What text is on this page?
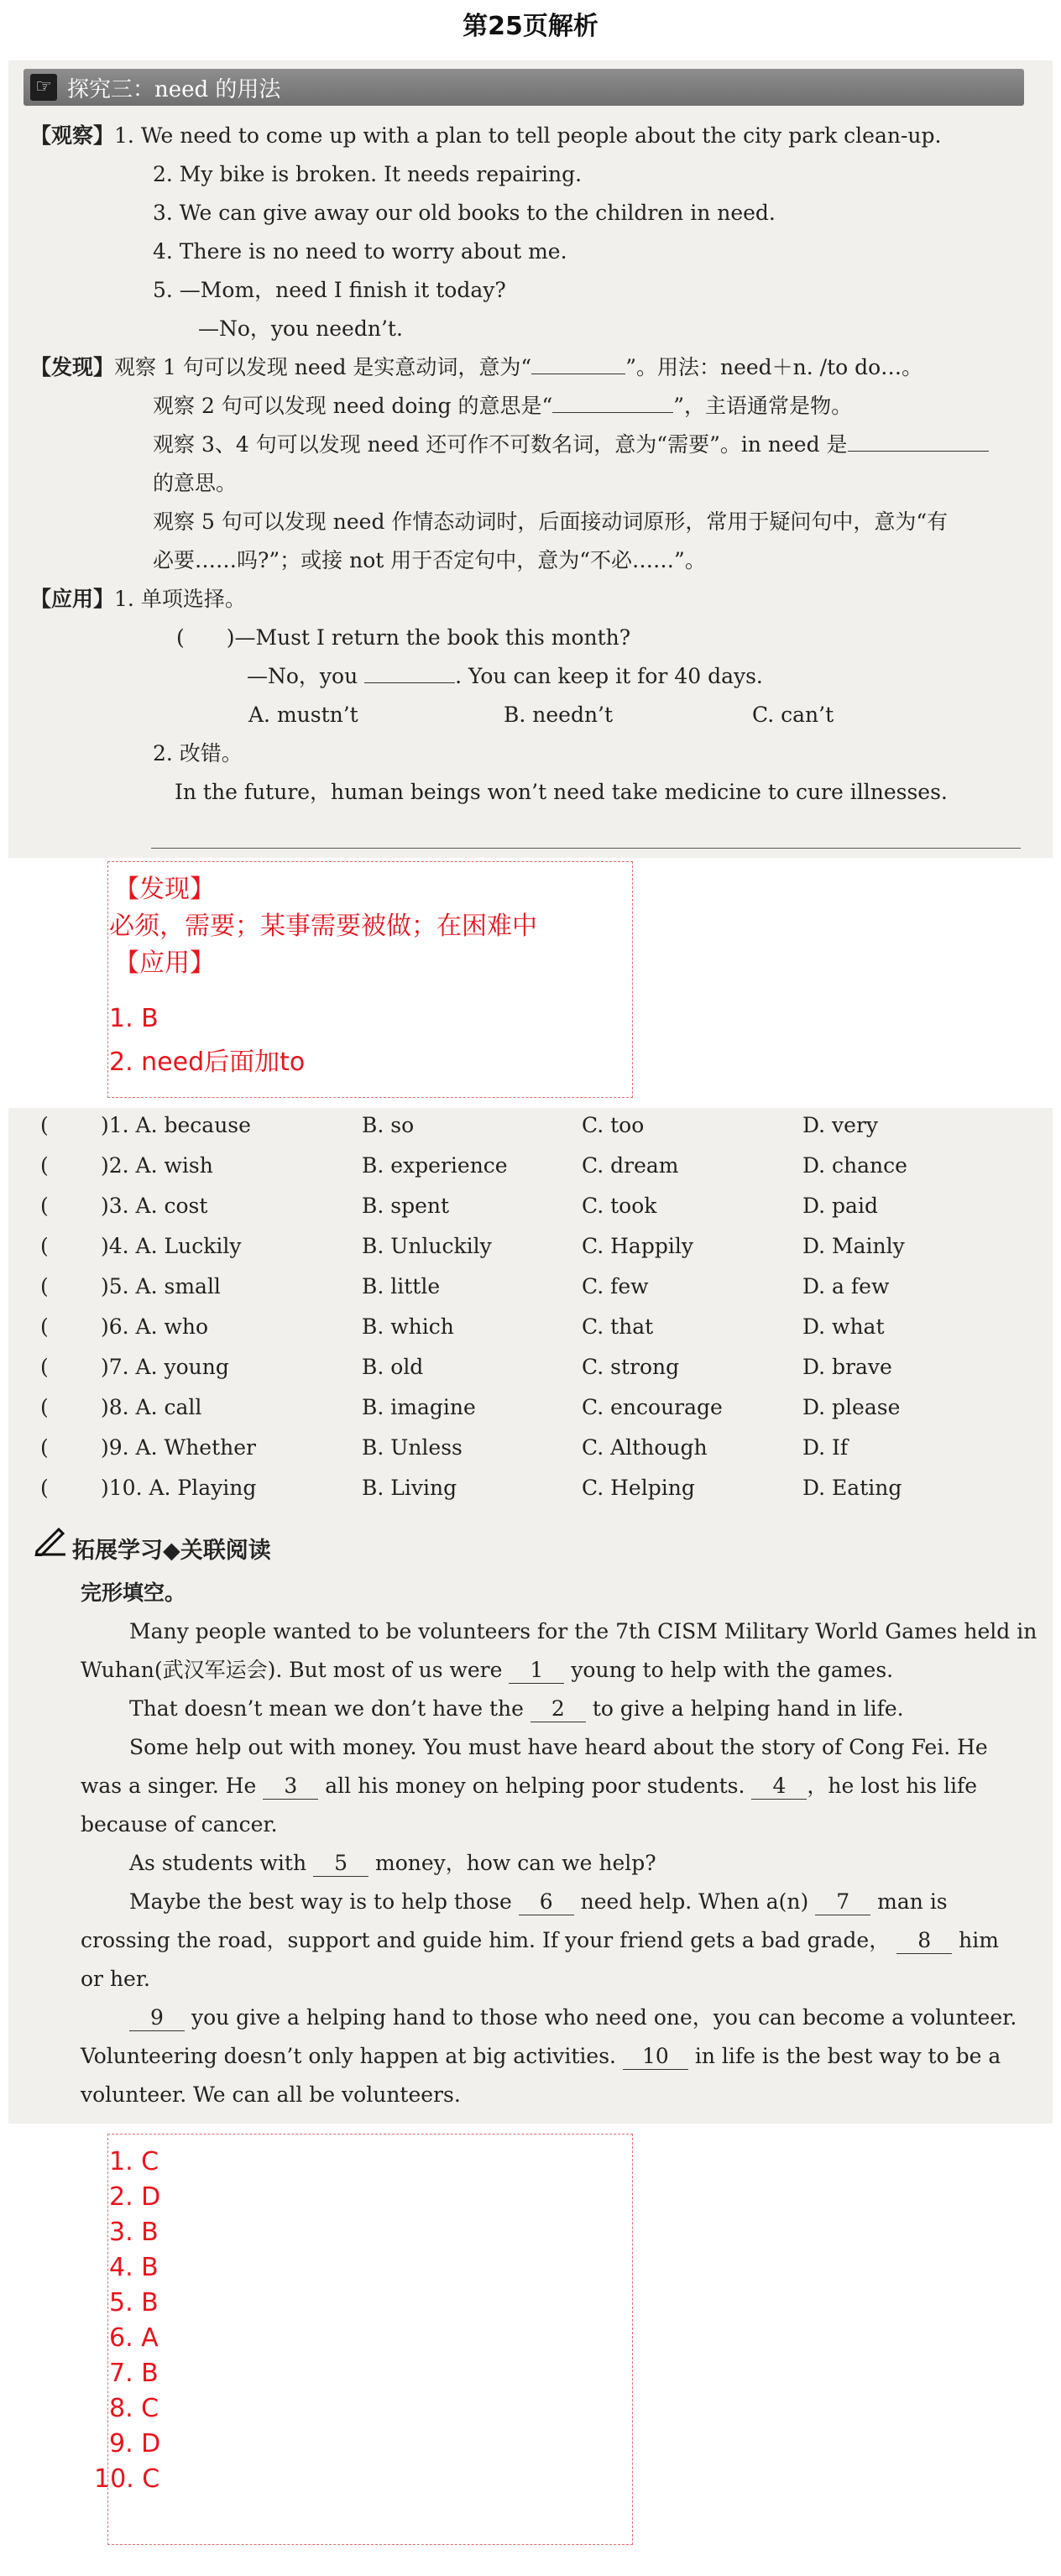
第25页解析
☞ 探究三：need 的用法
【观察】1. We need to come up with a plan to tell people about the city park clean-up.
2. My bike is broken. It needs repairing.
3. We can give away our old books to the children in need.
4. There is no need to worry about me.
5. —Mom，need I finish it today?
—No，you needn’t.
【发现】观察 1 句可以发现 need 是实意动词，意为“	”。用法：need＋n. /to do…。
观察 2 句可以发现 need doing 的意思是“	”，主语通常是物。
观察 3、4 句可以发现 need 还可作不可数名词，意为“需要”。in need 是
的意思。
观察 5 句可以发现 need 作情态动词时，后面接动词原形，常用于疑问句中，意为“有
必要……吗?”；或接 not 用于否定句中，意为“不必……”。
【应用】1. 单项选择。
(　　)—Must I return the book this month?
—No，you	. You can keep it for 40 days.
A. mustn’t	B. needn’t	C. can’t
2. 改错。
In the future，human beings won’t need take medicine to cure illnesses.
【发现】
必须，需要；某事需要被做；在困难中
【应用】
1. B
2. need后面加to
( )1. A. because	B. so	C. too	D. very
( )2. A. wish	B. experience	C. dream	D. chance
( )3. A. cost	B. spent	C. took	D. paid
( )4. A. Luckily	B. Unluckily	C. Happily	D. Mainly
( )5. A. small	B. little	C. few	D. a few
( )6. A. who	B. which	C. that	D. what
( )7. A. young	B. old	C. strong	D. brave
( )8. A. call	B. imagine	C. encourage	D. please
( )9. A. Whether	B. Unless	C. Although	D. If
( )10. A. Playing	B. Living	C. Helping	D. Eating
拓展学习◆关联阅读
完形填空。
Many people wanted to be volunteers for the 7th CISM Military World Games held in
Wuhan(武汉军运会). But most of us were 1 young to help with the games.
That doesn’t mean we don’t have the 2 to give a helping hand in life.
Some help out with money. You must have heard about the story of Cong Fei. He
was a singer. He 3 all his money on helping poor students. 4 ，he lost his life
because of cancer.
As students with 5 money，how can we help?
Maybe the best way is to help those 6 need help. When a(n) 7 man is
crossing the road，support and guide him. If your friend gets a bad grade， 8 him
or her.
9 you give a helping hand to those who need one，you can become a volunteer.
Volunteering doesn’t only happen at big activities. 10 in life is the best way to be a
volunteer. We can all be volunteers.
1. C
2. D
3. B
4. B
5. B
6. A
7. B
8. C
9. D
10. C
